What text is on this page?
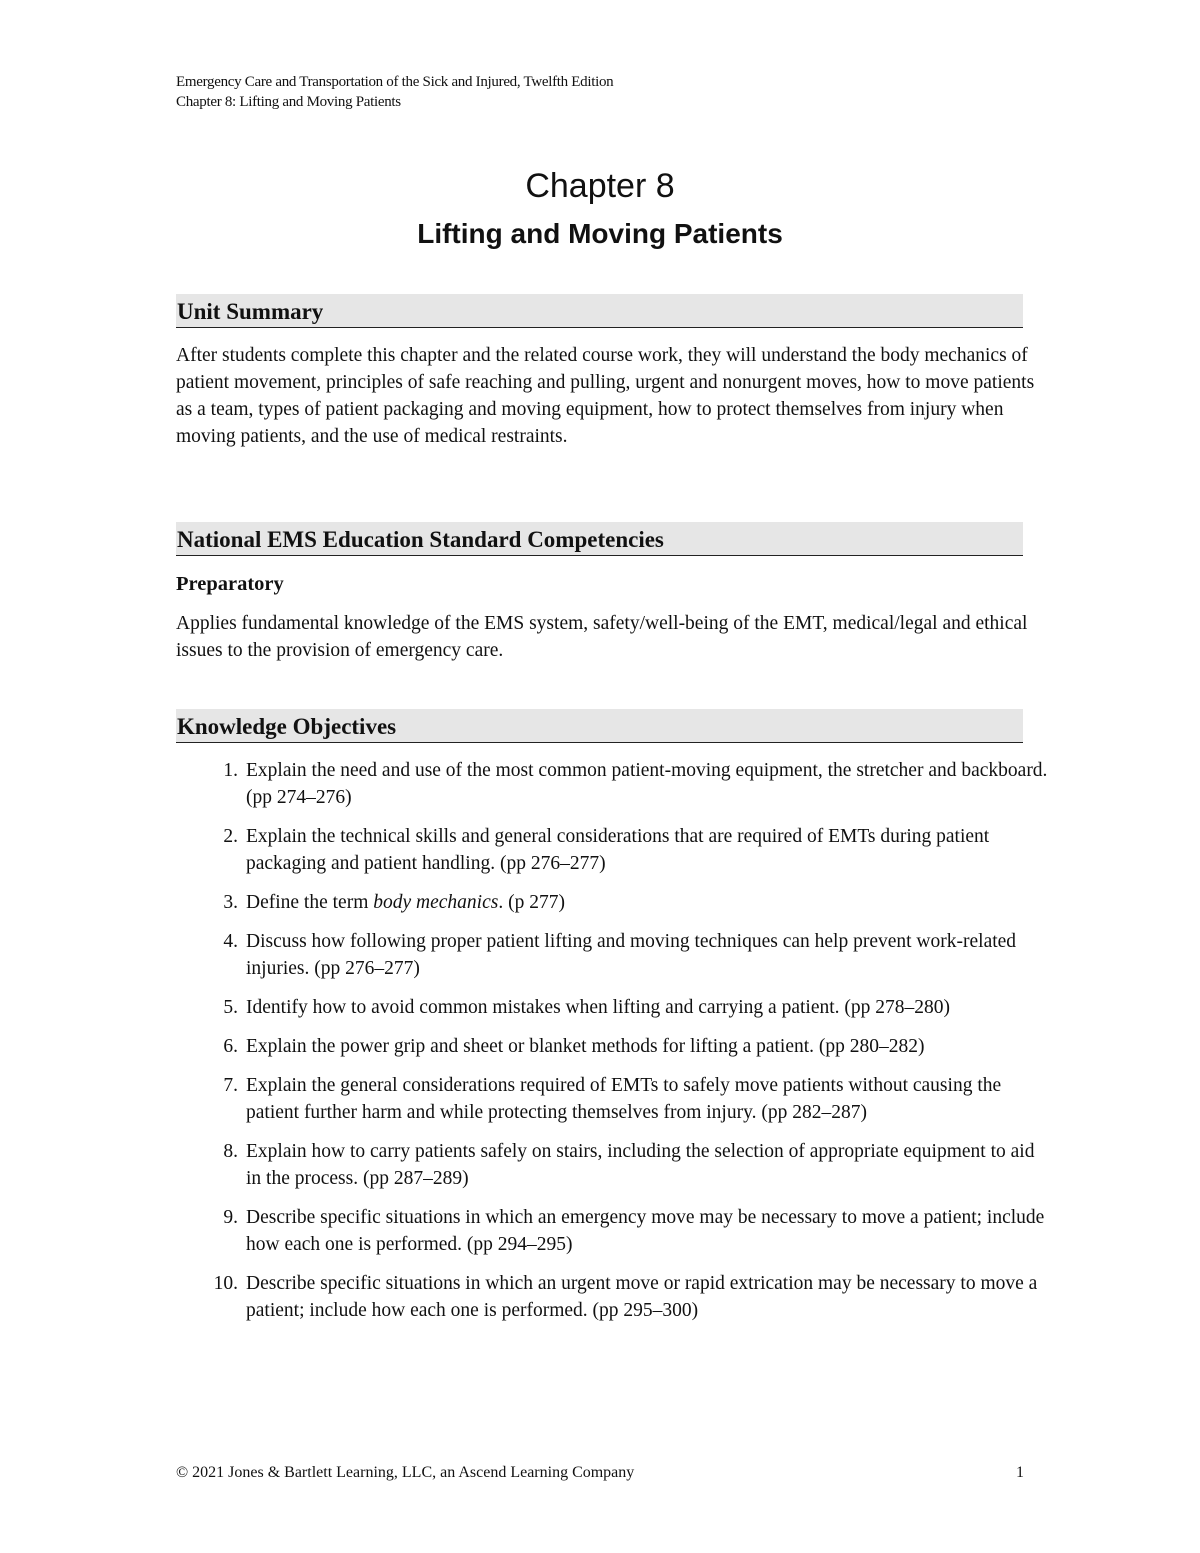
Emergency Care and Transportation of the Sick and Injured, Twelfth Edition
Chapter 8: Lifting and Moving Patients
Chapter 8
Lifting and Moving Patients
Unit Summary

After students complete this chapter and the related course work, they will understand the body mechanics of patient movement, principles of safe reaching and pulling, urgent and nonurgent moves, how to move patients as a team, types of patient packaging and moving equipment, how to protect themselves from injury when moving patients, and the use of medical restraints.

National EMS Education Standard Competencies
Preparatory

Applies fundamental knowledge of the EMS system, safety/well-being of the EMT, medical/legal and ethical issues to the provision of emergency care.

Knowledge Objectives
1. Explain the need and use of the most common patient-moving equipment, the stretcher and backboard. (pp 274–276)
2. Explain the technical skills and general considerations that are required of EMTs during patient packaging and patient handling. (pp 276–277)
3. Define the term body mechanics. (p 277)
4. Discuss how following proper patient lifting and moving techniques can help prevent work-related injuries. (pp 276–277)
5. Identify how to avoid common mistakes when lifting and carrying a patient. (pp 278–280)
6. Explain the power grip and sheet or blanket methods for lifting a patient. (pp 280–282)
7. Explain the general considerations required of EMTs to safely move patients without causing the patient further harm and while protecting themselves from injury. (pp 282–287)
8. Explain how to carry patients safely on stairs, including the selection of appropriate equipment to aid in the process. (pp 287–289)
9. Describe specific situations in which an emergency move may be necessary to move a patient; include how each one is performed. (pp 294–295)
10. Describe specific situations in which an urgent move or rapid extrication may be necessary to move a patient; include how each one is performed. (pp 295–300)
© 2021 Jones & Bartlett Learning, LLC, an Ascend Learning Company	1
